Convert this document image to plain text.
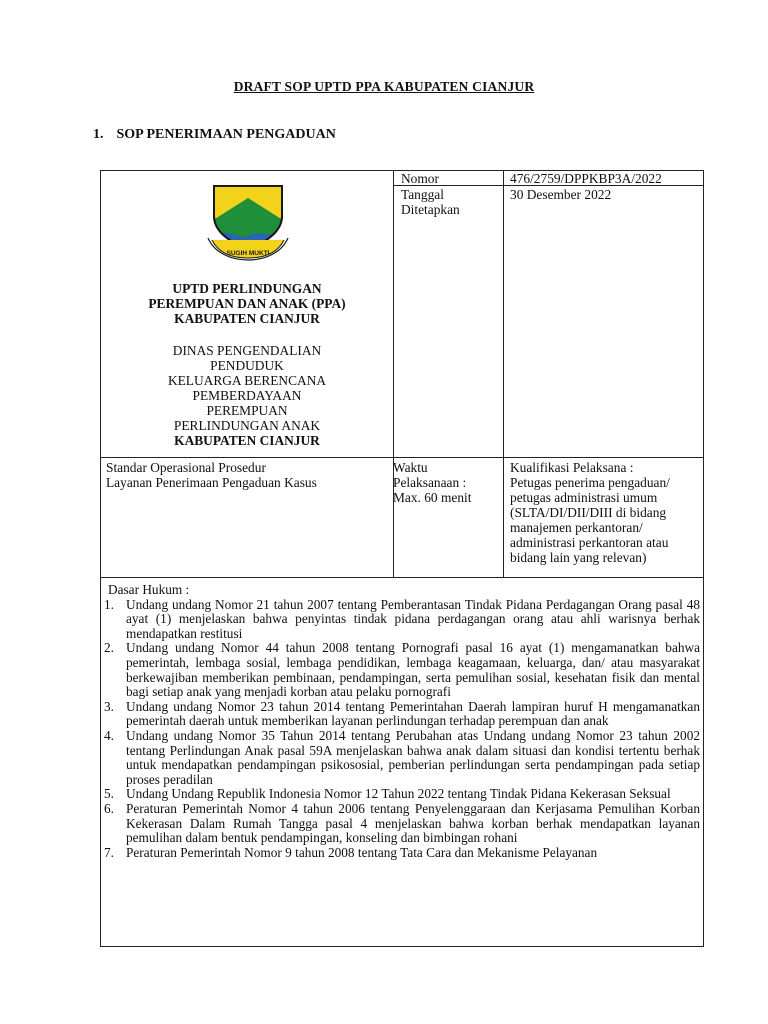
DRAFT SOP UPTD PPA KABUPATEN CIANJUR
1. SOP PENERIMAAN PENGADUAN
Nomor	476/2759/DPPKBP3A/2022
Tanggal
Ditetapkan
30 Desember 2022
SUGIH MUKTI
UPTD PERLINDUNGAN
PEREMPUAN DAN ANAK (PPA)
KABUPATEN CIANJUR
DINAS PENGENDALIAN
PENDUDUK
KELUARGA BERENCANA
PEMBERDAYAAN
PEREMPUAN
PERLINDUNGAN ANAK
KABUPATEN CIANJUR
Standar Operasional Prosedur
Layanan Penerimaan Pengaduan Kasus
Waktu
Pelaksanaan :
Max. 60 menit
Kualifikasi Pelaksana :
Petugas penerima pengaduan/
petugas administrasi umum
(SLTA/DI/DII/DIII di bidang
manajemen perkantoran/
administrasi perkantoran atau
bidang lain yang relevan)
Dasar Hukum :
1. Undang undang Nomor 21 tahun 2007 tentang Pemberantasan Tindak Pidana Perdagangan Orang pasal 48 ayat (1) menjelaskan bahwa penyintas tindak pidana perdagangan orang atau ahli warisnya berhak mendapatkan restitusi
2. Undang undang Nomor 44 tahun 2008 tentang Pornografi pasal 16 ayat (1) mengamanatkan bahwa pemerintah, lembaga sosial, lembaga pendidikan, lembaga keagamaan, keluarga, dan/ atau masyarakat berkewajiban memberikan pembinaan, pendampingan, serta pemulihan sosial, kesehatan fisik dan mental bagi setiap anak yang menjadi korban atau pelaku pornografi
3. Undang undang Nomor 23 tahun 2014 tentang Pemerintahan Daerah lampiran huruf H mengamanatkan pemerintah daerah untuk memberikan layanan perlindungan terhadap perempuan dan anak
4. Undang undang Nomor 35 Tahun 2014 tentang Perubahan atas Undang undang Nomor 23 tahun 2002 tentang Perlindungan Anak pasal 59A menjelaskan bahwa anak dalam situasi dan kondisi tertentu berhak untuk mendapatkan pendampingan psikososial, pemberian perlindungan serta pendampingan pada setiap proses peradilan
5. Undang Undang Republik Indonesia Nomor 12 Tahun 2022 tentang Tindak Pidana Kekerasan Seksual
6. Peraturan Pemerintah Nomor 4 tahun 2006 tentang Penyelenggaraan dan Kerjasama Pemulihan Korban Kekerasan Dalam Rumah Tangga pasal 4 menjelaskan bahwa korban berhak mendapatkan layanan pemulihan dalam bentuk pendampingan, konseling dan bimbingan rohani
7. Peraturan Pemerintah Nomor 9 tahun 2008 tentang Tata Cara dan Mekanisme Pelayanan
